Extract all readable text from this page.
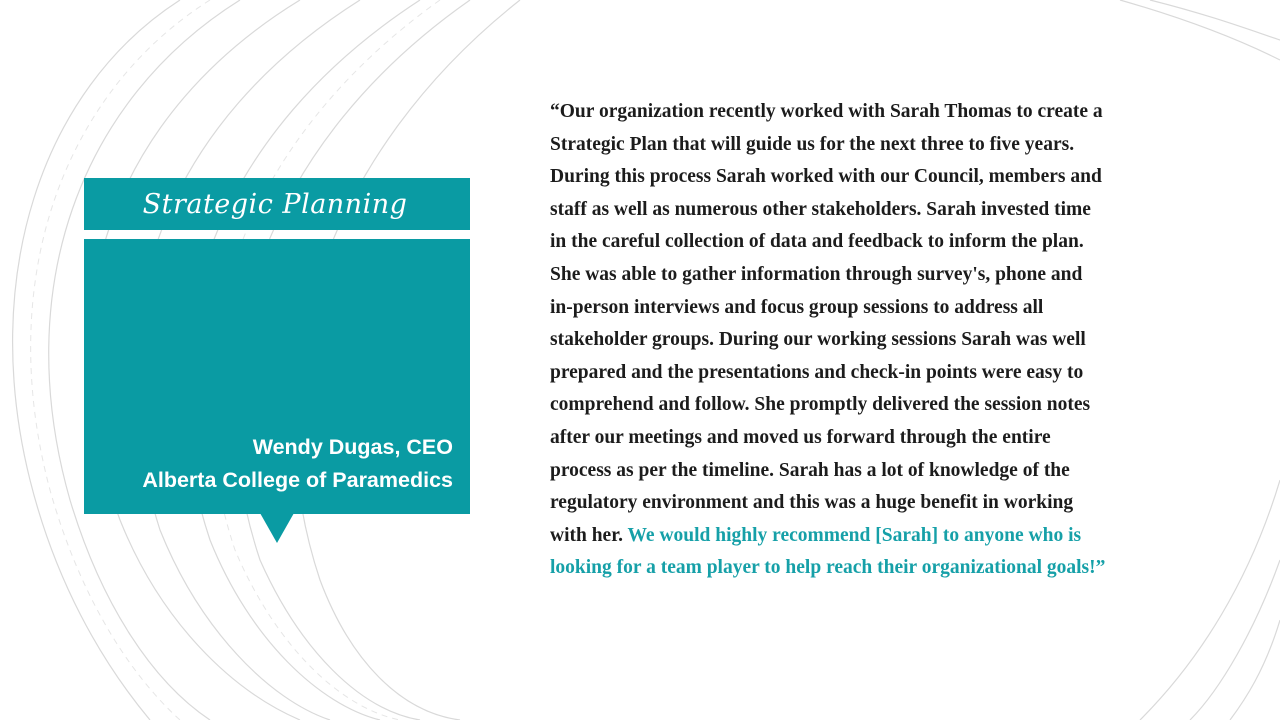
Strategic Planning
Wendy Dugas, CEO
Alberta College of Paramedics
“Our organization recently worked with Sarah Thomas to create a
Strategic Plan that will guide us for the next three to five years.
During this process Sarah worked with our Council, members and
staff as well as numerous other stakeholders. Sarah invested time
in the careful collection of data and feedback to inform the plan.
She was able to gather information through survey's, phone and
in-person interviews and focus group sessions to address all
stakeholder groups. During our working sessions Sarah was well
prepared and the presentations and check-in points were easy to
comprehend and follow. She promptly delivered the session notes
after our meetings and moved us forward through the entire
process as per the timeline. Sarah has a lot of knowledge of the
regulatory environment and this was a huge benefit in working
with her. We would highly recommend [Sarah] to anyone who is
looking for a team player to help reach their organizational goals!”
